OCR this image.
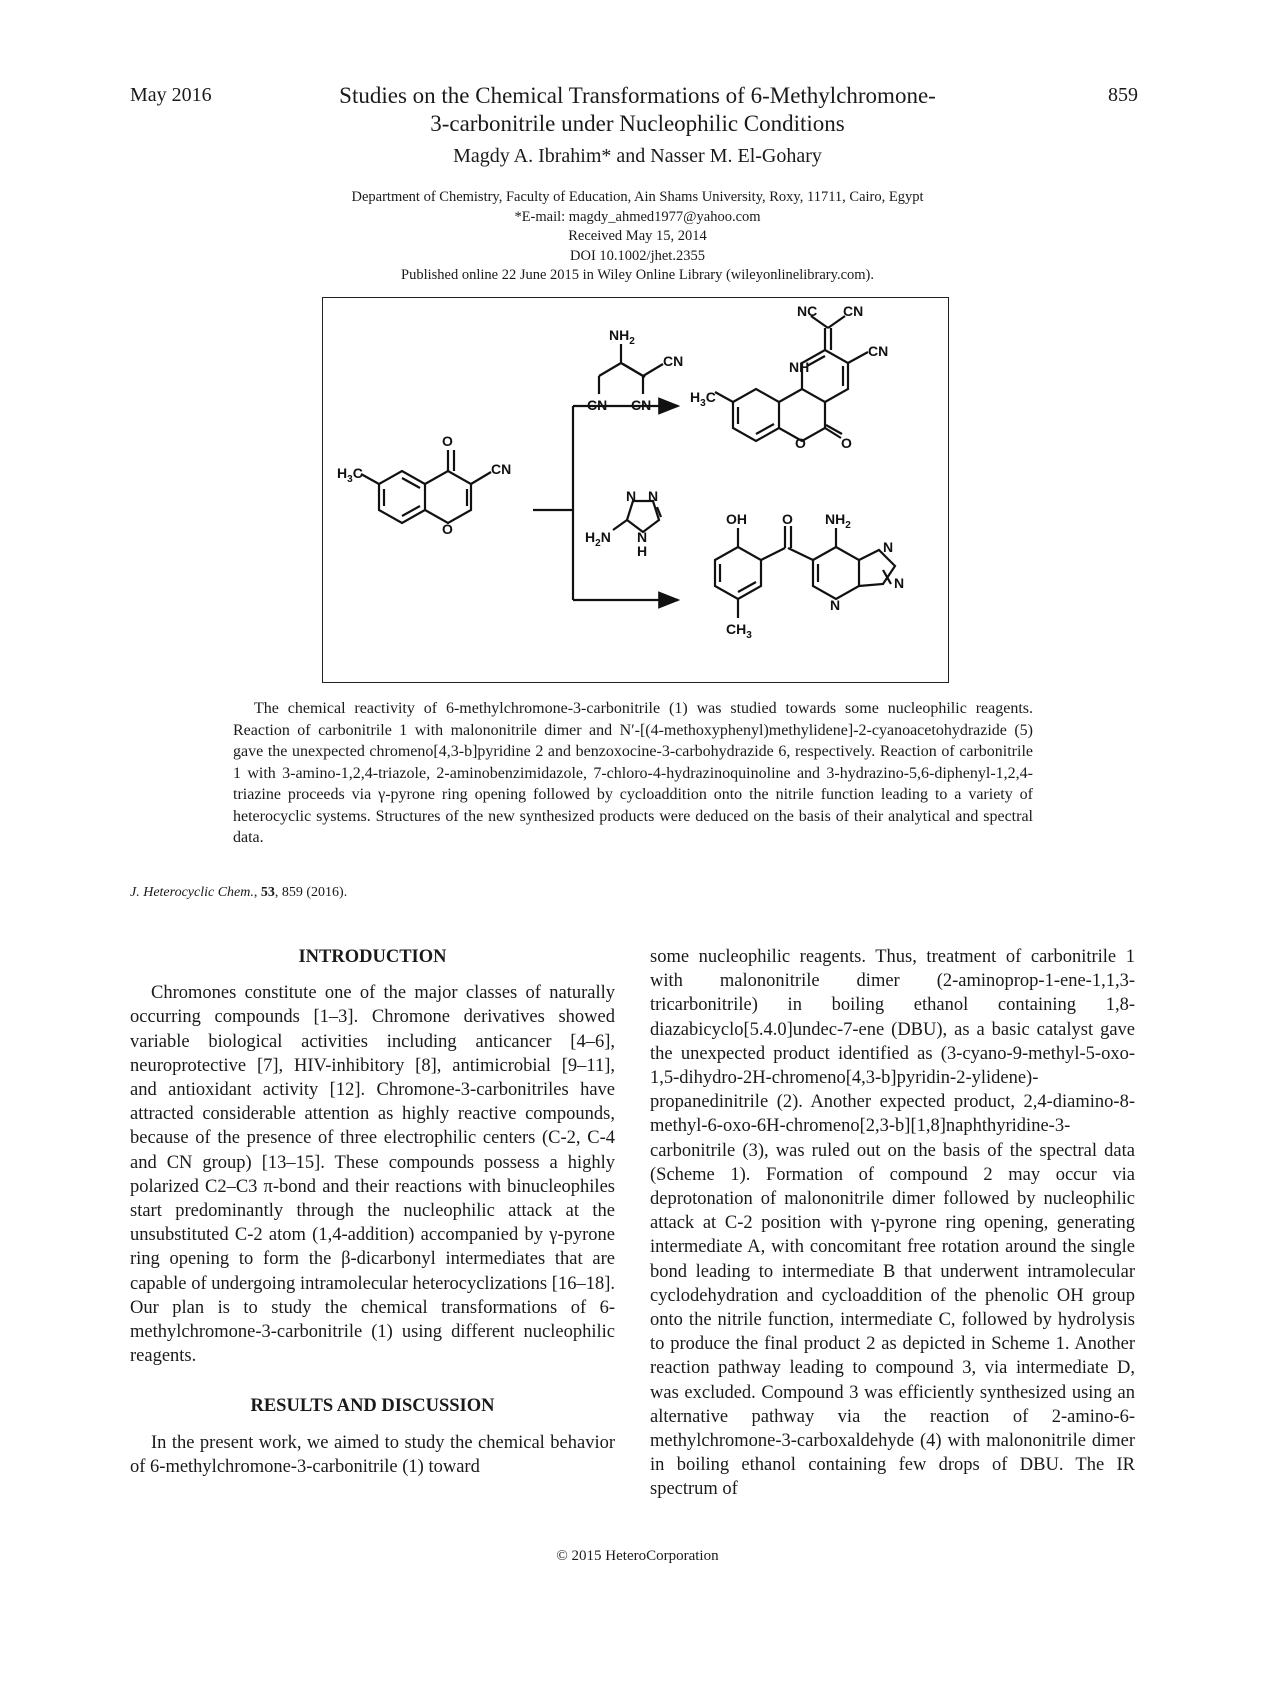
May 2016	Studies on the Chemical Transformations of 6-Methylchromone-
3-carbonitrile under Nucleophilic Conditions
859
Magdy A. Ibrahim* and Nasser M. El-Gohary
Department of Chemistry, Faculty of Education, Ain Shams University, Roxy, 11711, Cairo, Egypt
*E-mail: magdy_ahmed1977@yahoo.com
Received May 15, 2014
DOI 10.1002/jhet.2355
Published online 22 June 2015 in Wiley Online Library (wileyonlinelibrary.com).
$H_3C$
O
O
CN
$NH_2$
CN
CN CN
N N
N
H
$H_2N$
$H_3C$
NH
NC CN
CN
O	O
OH	O $NH_2$
N
N
N
$CH_3$
The chemical reactivity of 6-methylchromone-3-carbonitrile (1) was studied towards some nucleophilic reagents. Reaction of carbonitrile 1 with malononitrile dimer and N′-[(4-methoxyphenyl)methylidene]-2-cyanoacetohydrazide (5) gave the unexpected chromeno[4,3-b]pyridine 2 and benzoxocine-3-carbohydrazide 6, respectively. Reaction of carbonitrile 1 with 3-amino-1,2,4-triazole, 2-aminobenzimidazole, 7-chloro-4-hydrazinoquinoline and 3-hydrazino-5,6-diphenyl-1,2,4-triazine proceeds via γ-pyrone ring opening followed by cycloaddition onto the nitrile function leading to a variety of heterocyclic systems. Structures of the new synthesized products were deduced on the basis of their analytical and spectral data.
J. Heterocyclic Chem., 53, 859 (2016).
INTRODUCTION

Chromones constitute one of the major classes of naturally occurring compounds [1–3]. Chromone derivatives showed variable biological activities including anticancer [4–6], neuroprotective [7], HIV-inhibitory [8], antimicrobial [9–11], and antioxidant activity [12]. Chromone-3-carbonitriles have attracted considerable attention as highly reactive compounds, because of the presence of three electrophilic centers (C-2, C-4 and CN group) [13–15]. These compounds possess a highly polarized C2–C3 π-bond and their reactions with binucleophiles start predominantly through the nucleophilic attack at the unsubstituted C-2 atom (1,4-addition) accompanied by γ-pyrone ring opening to form the β-dicarbonyl intermediates that are capable of undergoing intramolecular heterocyclizations [16–18]. Our plan is to study the chemical transformations of 6-methylchromone-3-carbonitrile (1) using different nucleophilic reagents.

RESULTS AND DISCUSSION

In the present work, we aimed to study the chemical behavior of 6-methylchromone-3-carbonitrile (1) toward

some nucleophilic reagents. Thus, treatment of carbonitrile 1 with malononitrile dimer (2-aminoprop-1-ene-1,1,3-tricarbonitrile) in boiling ethanol containing 1,8-diazabicyclo[5.4.0]undec-7-ene (DBU), as a basic catalyst gave the unexpected product identified as (3-cyano-9-methyl-5-oxo-1,5-dihydro-2H-chromeno[4,3-b]pyridin-2-ylidene)-propanedinitrile (2). Another expected product, 2,4-diamino-8-methyl-6-oxo-6H-chromeno[2,3-b][1,8]naphthyridine-3-carbonitrile (3), was ruled out on the basis of the spectral data (Scheme 1). Formation of compound 2 may occur via deprotonation of malononitrile dimer followed by nucleophilic attack at C-2 position with γ-pyrone ring opening, generating intermediate A, with concomitant free rotation around the single bond leading to intermediate B that underwent intramolecular cyclodehydration and cycloaddition of the phenolic OH group onto the nitrile function, intermediate C, followed by hydrolysis to produce the final product 2 as depicted in Scheme 1. Another reaction pathway leading to compound 3, via intermediate D, was excluded. Compound 3 was efficiently synthesized using an alternative pathway via the reaction of 2-amino-6-methylchromone-3-carboxaldehyde (4) with malononitrile dimer in boiling ethanol containing few drops of DBU. The IR spectrum of

© 2015 HeteroCorporation
